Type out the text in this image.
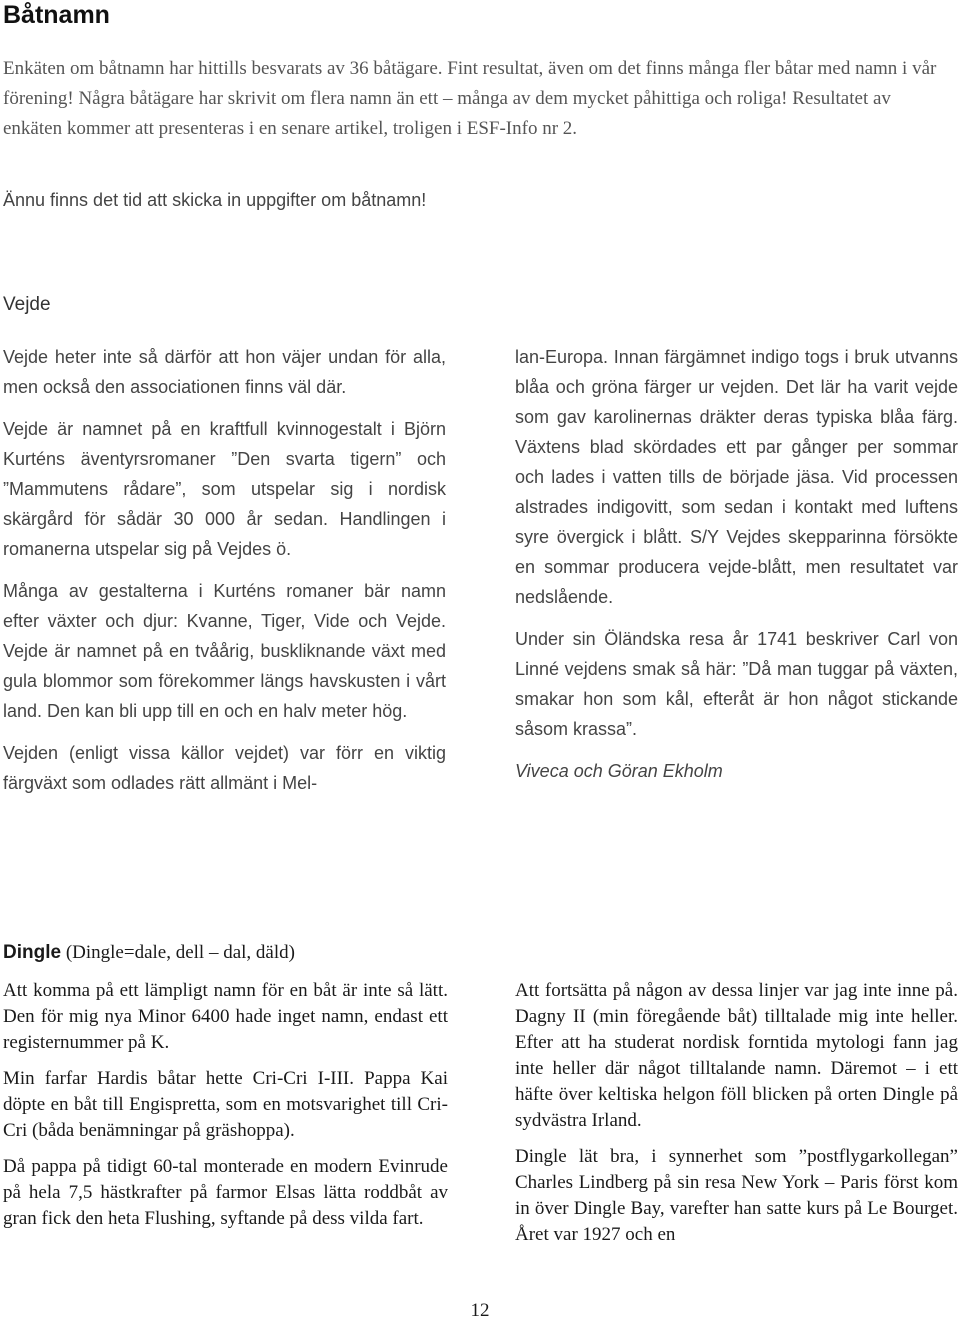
Båtnamn

Enkäten om båtnamn har hittills besvarats av 36 båtägare. Fint resultat, även om det finns många fler båtar med namn i vår förening! Några båtägare har skrivit om flera namn än ett – många av dem mycket påhittiga och roliga! Resultatet av enkäten kommer att presenteras i en senare artikel, troligen i ESF-Info nr 2.

Ännu finns det tid att skicka in uppgifter om båtnamn!
Vejde

Vejde heter inte så därför att hon väjer undan för alla, men också den associationen finns väl där.

Vejde är namnet på en kraftfull kvinnogestalt i Björn Kurténs äventyrsromaner ”Den svarta tigern” och ”Mammutens rådare”, som utspelar sig i nordisk skärgård för sådär 30 000 år sedan. Handlingen i romanerna utspelar sig på Vejdes ö.

Många av gestalterna i Kurténs romaner bär namn efter växter och djur: Kvanne, Tiger, Vide och Vejde. Vejde är namnet på en tvåårig, buskliknande växt med gula blommor som förekommer längs havskusten i vårt land. Den kan bli upp till en och en halv meter hög.

Vejden (enligt vissa källor vejdet) var förr en viktig färgväxt som odlades rätt allmänt i Mel-

lan-Europa. Innan färgämnet indigo togs i bruk utvanns blåa och gröna färger ur vejden. Det lär ha varit vejde som gav karolinernas dräkter deras typiska blåa färg. Växtens blad skördades ett par gånger per sommar och lades i vatten tills de började jäsa. Vid processen alstrades indigovitt, som sedan i kontakt med luftens syre övergick i blått. S/Y Vejdes skepparinna försökte en sommar producera vejde-blått, men resultatet var nedslående.

Under sin Öländska resa år 1741 beskriver Carl von Linné vejdens smak så här: ”Då man tuggar på växten, smakar hon som kål, efteråt är hon något stickande såsom krassa”.

Viveca och Göran Ekholm

Dingle (Dingle=dale, dell – dal, däld)

Att komma på ett lämpligt namn för en båt är inte så lätt. Den för mig nya Minor 6400 hade inget namn, endast ett registernummer på K.

Min farfar Hardis båtar hette Cri-Cri I-III. Pappa Kai döpte en båt till Engispretta, som en motsvarighet till Cri-Cri (båda benämningar på gräshoppa).

Då pappa på tidigt 60-tal monterade en modern Evinrude på hela 7,5 hästkrafter på farmor Elsas lätta roddbåt av gran fick den heta Flushing, syftande på dess vilda fart.

Att fortsätta på någon av dessa linjer var jag inte inne på. Dagny II (min föregående båt) tilltalade mig inte heller. Efter att ha studerat nordisk forntida mytologi fann jag inte heller där något tilltalande namn. Däremot – i ett häfte över keltiska helgon föll blicken på orten Dingle på sydvästra Irland.

Dingle lät bra, i synnerhet som ”postflygarkollegan” Charles Lindberg på sin resa New York – Paris först kom in över Dingle Bay, varefter han satte kurs på Le Bourget. Året var 1927 och en

12
